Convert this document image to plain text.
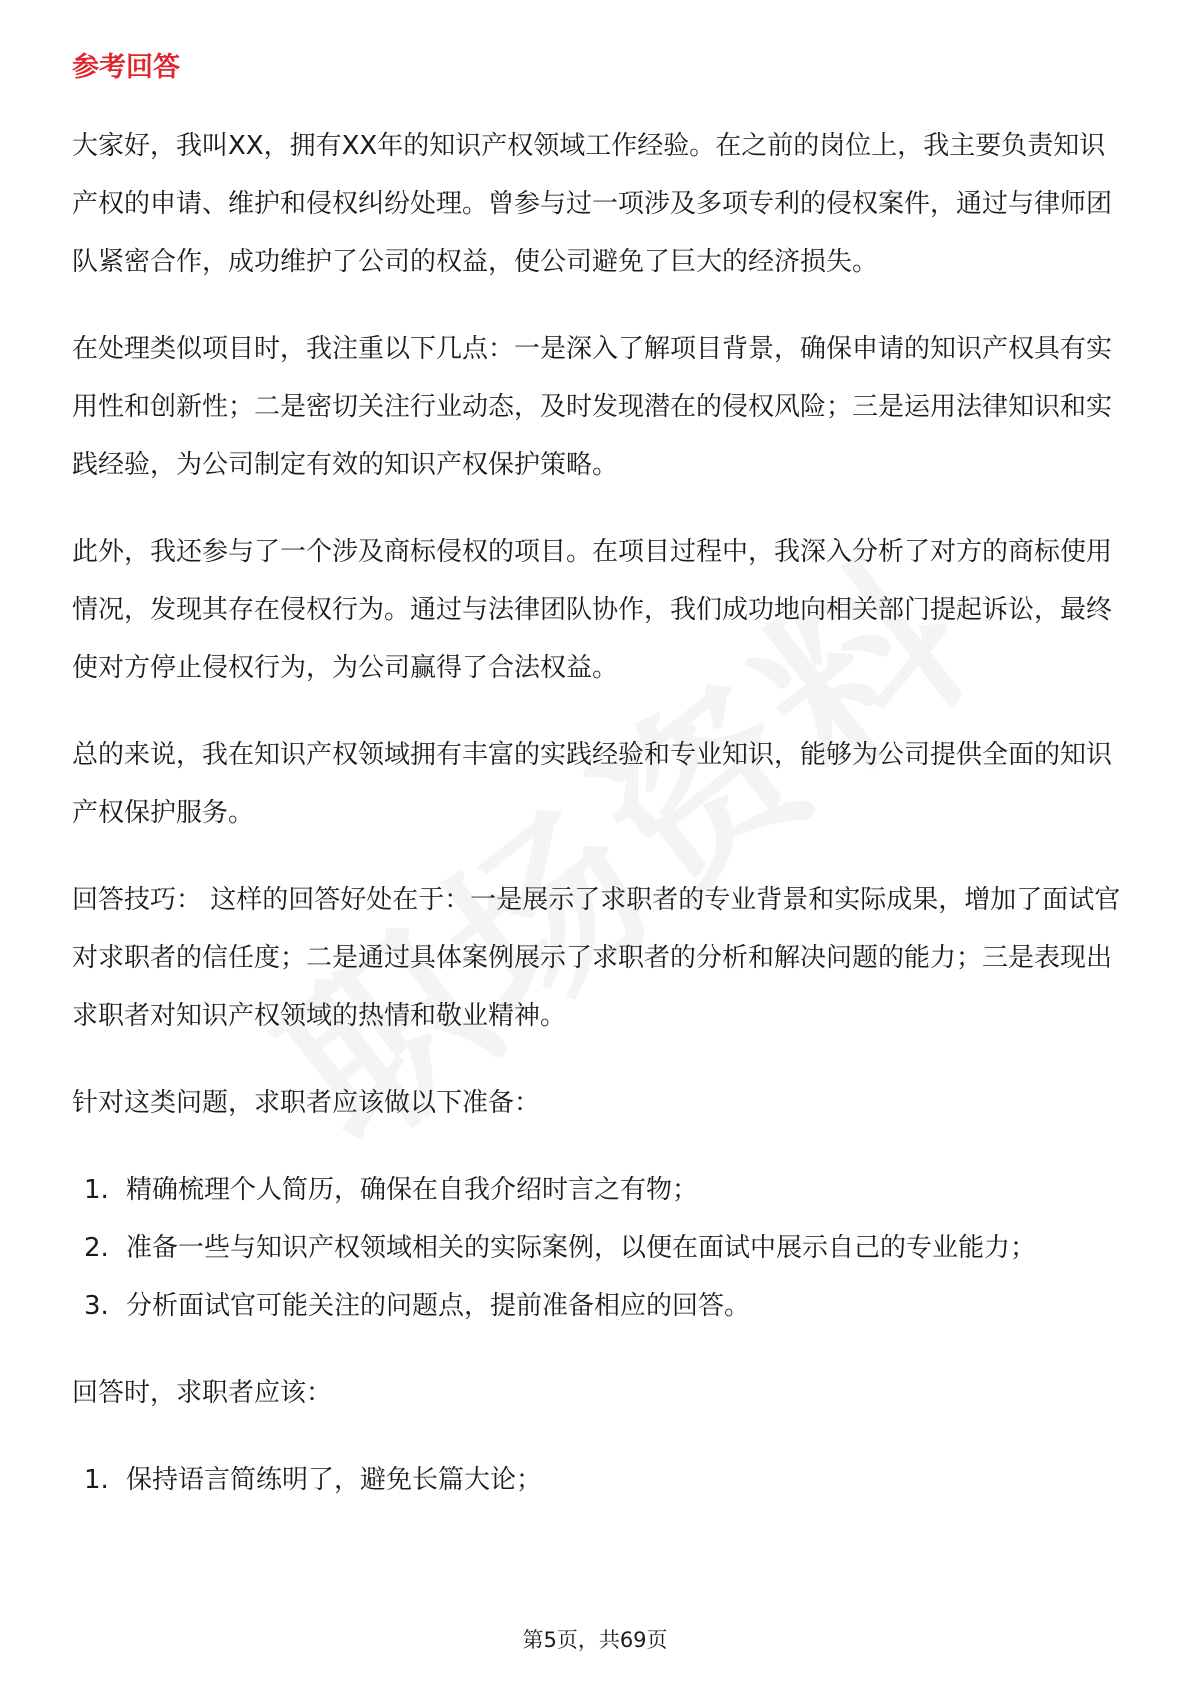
参考回答

大家好，我叫XX，拥有XX年的知识产权领域工作经验。在之前的岗位上，我主要负责知识产权的申请、维护和侵权纠纷处理。曾参与过一项涉及多项专利的侵权案件，通过与律师团队紧密合作，成功维护了公司的权益，使公司避免了巨大的经济损失。

在处理类似项目时，我注重以下几点：一是深入了解项目背景，确保申请的知识产权具有实用性和创新性；二是密切关注行业动态，及时发现潜在的侵权风险；三是运用法律知识和实践经验，为公司制定有效的知识产权保护策略。

此外，我还参与了一个涉及商标侵权的项目。在项目过程中，我深入分析了对方的商标使用情况，发现其存在侵权行为。通过与法律团队协作，我们成功地向相关部门提起诉讼，最终使对方停止侵权行为，为公司赢得了合法权益。

总的来说，我在知识产权领域拥有丰富的实践经验和专业知识，能够为公司提供全面的知识产权保护服务。

回答技巧： 这样的回答好处在于：一是展示了求职者的专业背景和实际成果，增加了面试官对求职者的信任度；二是通过具体案例展示了求职者的分析和解决问题的能力；三是表现出求职者对知识产权领域的热情和敬业精神。

针对这类问题，求职者应该做以下准备：

1. 精确梳理个人简历，确保在自我介绍时言之有物；
2. 准备一些与知识产权领域相关的实际案例，以便在面试中展示自己的专业能力；
3. 分析面试官可能关注的问题点，提前准备相应的回答。

回答时，求职者应该：

1. 保持语言简练明了，避免长篇大论；
第5页，共69页
